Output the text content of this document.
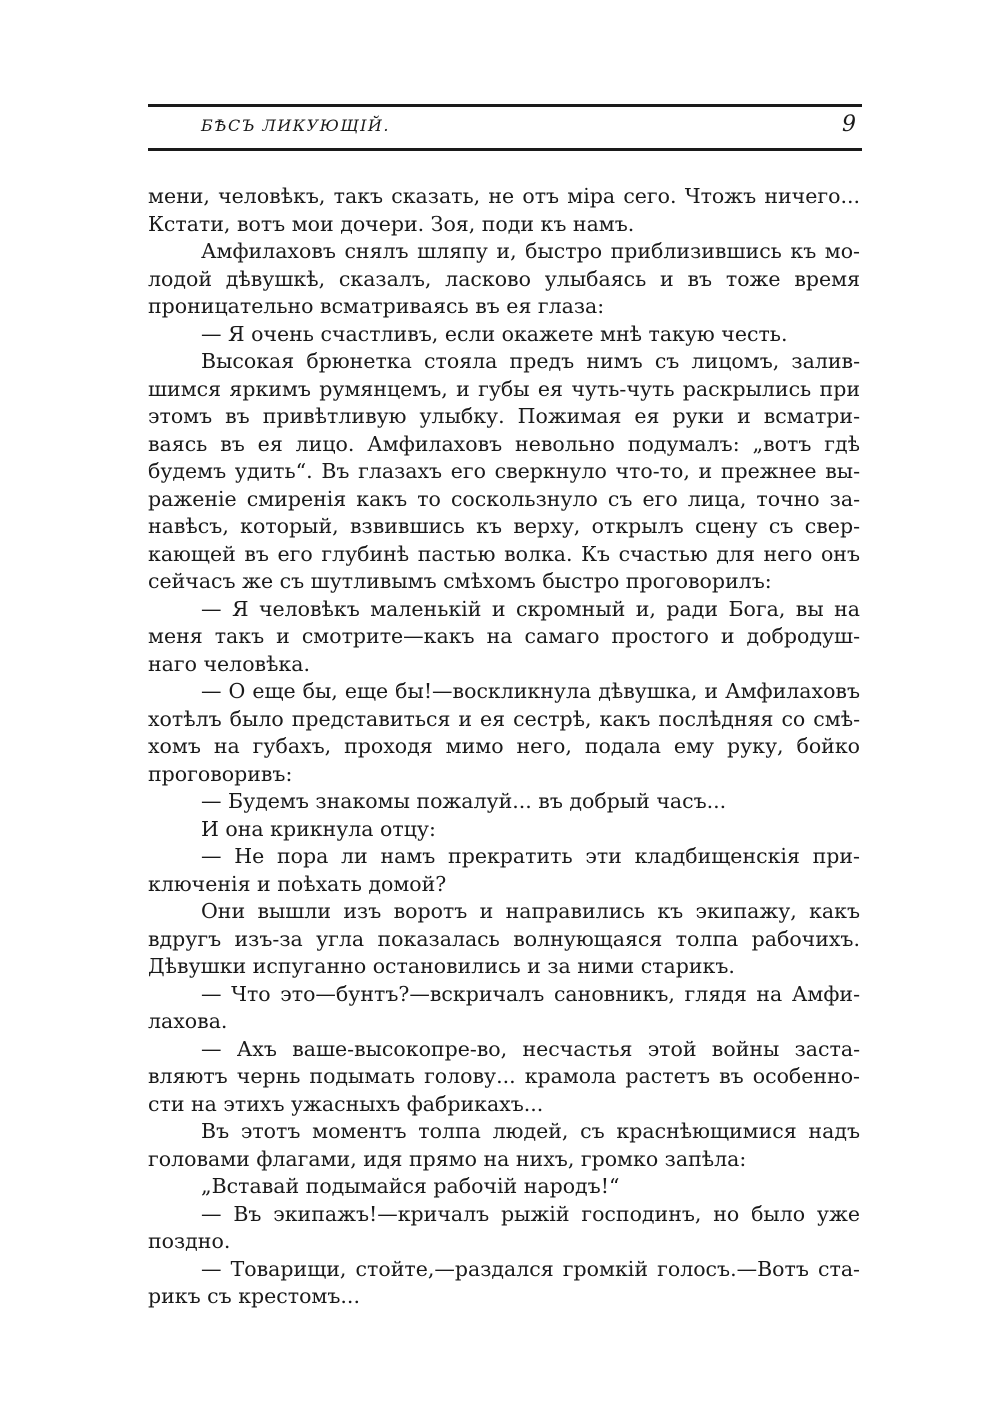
БѢСЪ ЛИКУЮЩІЙ.	9
мени, человѣкъ, такъ сказать, не отъ міра сего. Чтожъ ничего...
Кстати, вотъ мои дочери. Зоя, поди къ намъ.
Амфилаховъ снялъ шляпу и, быстро приблизившись къ мо-
лодой дѣвушкѣ, сказалъ, ласково улыбаясь и въ тоже время
проницательно всматриваясь въ ея глаза:
— Я очень счастливъ, если окажете мнѣ такую честь.
Высокая брюнетка стояла предъ нимъ съ лицомъ, залив-
шимся яркимъ румянцемъ, и губы ея чуть-чуть раскрылись при
этомъ въ привѣтливую улыбку. Пожимая ея руки и всматри-
ваясь въ ея лицо. Амфилаховъ невольно подумалъ: „вотъ гдѣ
будемъ удить“. Въ глазахъ его сверкнуло что-то, и прежнее вы-
раженіе смиренія какъ то соскользнуло съ его лица, точно за-
навѣсъ, который, взвившись къ верху, открылъ сцену съ свер-
кающей въ его глубинѣ пастью волка. Къ счастью для него онъ
сейчасъ же съ шутливымъ смѣхомъ быстро проговорилъ:
— Я человѣкъ маленькій и скромный и, ради Бога, вы на
меня такъ и смотрите—какъ на самаго простого и добродуш-
наго человѣка.
— О еще бы, еще бы!—воскликнула дѣвушка, и Амфилаховъ
хотѣлъ было представиться и ея сестрѣ, какъ послѣдняя со смѣ-
хомъ на губахъ, проходя мимо него, подала ему руку, бойко
проговоривъ:
— Будемъ знакомы пожалуй... въ добрый часъ...
И она крикнула отцу:
— Не пора ли намъ прекратить эти кладбищенскія при-
ключенія и поѣхать домой?
Они вышли изъ воротъ и направились къ экипажу, какъ
вдругъ изъ-за угла показалась волнующаяся толпа рабочихъ.
Дѣвушки испуганно остановились и за ними старикъ.
— Что это—бунтъ?—вскричалъ сановникъ, глядя на Амфи-
лахова.
— Ахъ ваше-высокопре-во, несчастья этой войны заста-
вляютъ чернь подымать голову... крамола растетъ въ особенно-
сти на этихъ ужасныхъ фабрикахъ...
Въ этотъ моментъ толпа людей, съ краснѣющимися надъ
головами флагами, идя прямо на нихъ, громко запѣла:
„Вставай подымайся рабочій народъ!“
— Въ экипажъ!—кричалъ рыжій господинъ, но было уже
поздно.
— Товарищи, стойте,—раздался громкій голосъ.—Вотъ ста-
рикъ съ крестомъ...
